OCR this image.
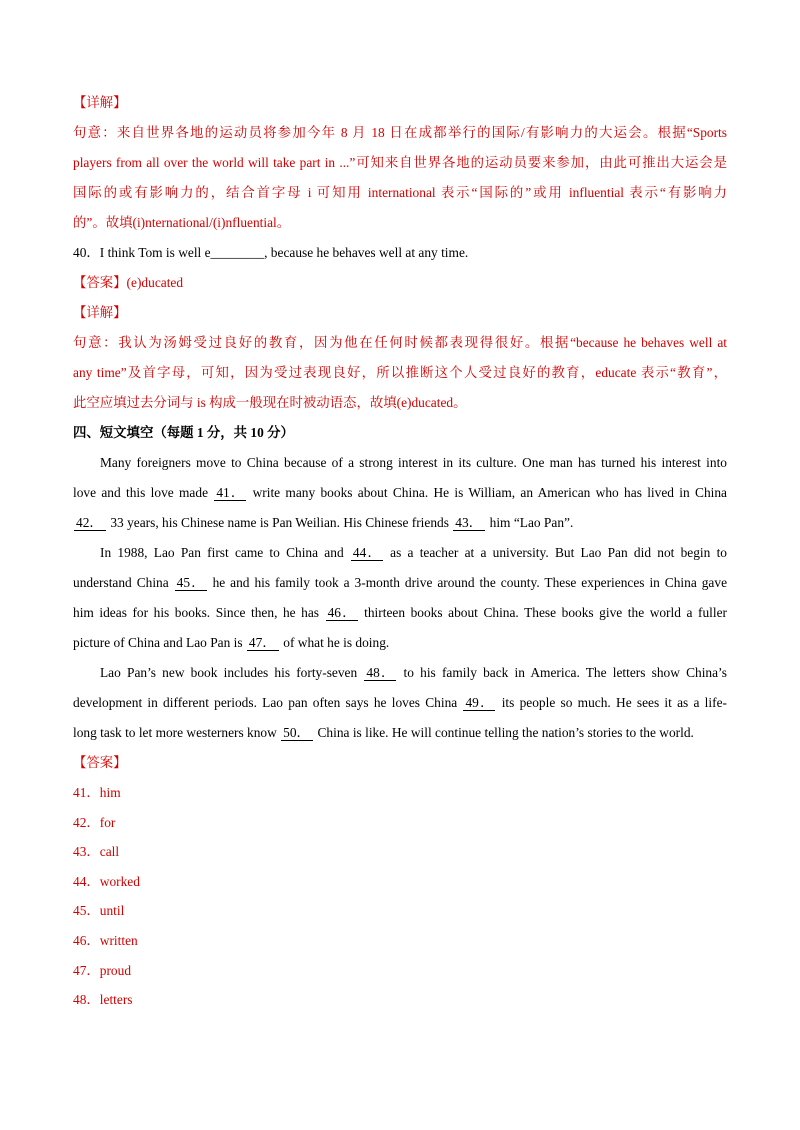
【详解】
句意：来自世界各地的运动员将参加今年 8 月 18 日在成都举行的国际/有影响力的大运会。根据“Sports
players from all over the world will take part in ...”可知来自世界各地的运动员要来参加，由此可推出大运会是
国际的或有影响力的，结合首字母 i 可知用 international 表示“国际的”或用 influential 表示“有影响力
的”。故填(i)nternational/(i)nfluential。
40．I think Tom is well e________, because he behaves well at any time.
【答案】(e)ducated
【详解】
句意：我认为汤姆受过良好的教育，因为他在任何时候都表现得很好。根据“because he behaves well at
any time”及首字母，可知，因为受过表现良好，所以推断这个人受过良好的教育，educate 表示“教育”，
此空应填过去分词与 is 构成一般现在时被动语态，故填(e)ducated。
四、短文填空（每题 1 分，共 10 分）
Many foreigners move to China because of a strong interest in its culture. One man has turned his interest into
love and this love made 41． write many books about China. He is William, an American who has lived in China
42． 33 years, his Chinese name is Pan Weilian. His Chinese friends 43． him “Lao Pan”.
In 1988, Lao Pan first came to China and 44． as a teacher at a university. But Lao Pan did not begin to
understand China 45． he and his family took a 3-month drive around the county. These experiences in China gave
him ideas for his books. Since then, he has 46． thirteen books about China. These books give the world a fuller
picture of China and Lao Pan is 47． of what he is doing.
Lao Pan’s new book includes his forty-seven 48． to his family back in America. The letters show China’s
development in different periods. Lao pan often says he loves China 49． its people so much. He sees it as a life-
long task to let more westerners know 50． China is like. He will continue telling the nation’s stories to the world.
【答案】
41．him
42．for
43．call
44．worked
45．until
46．written
47．proud
48．letters
